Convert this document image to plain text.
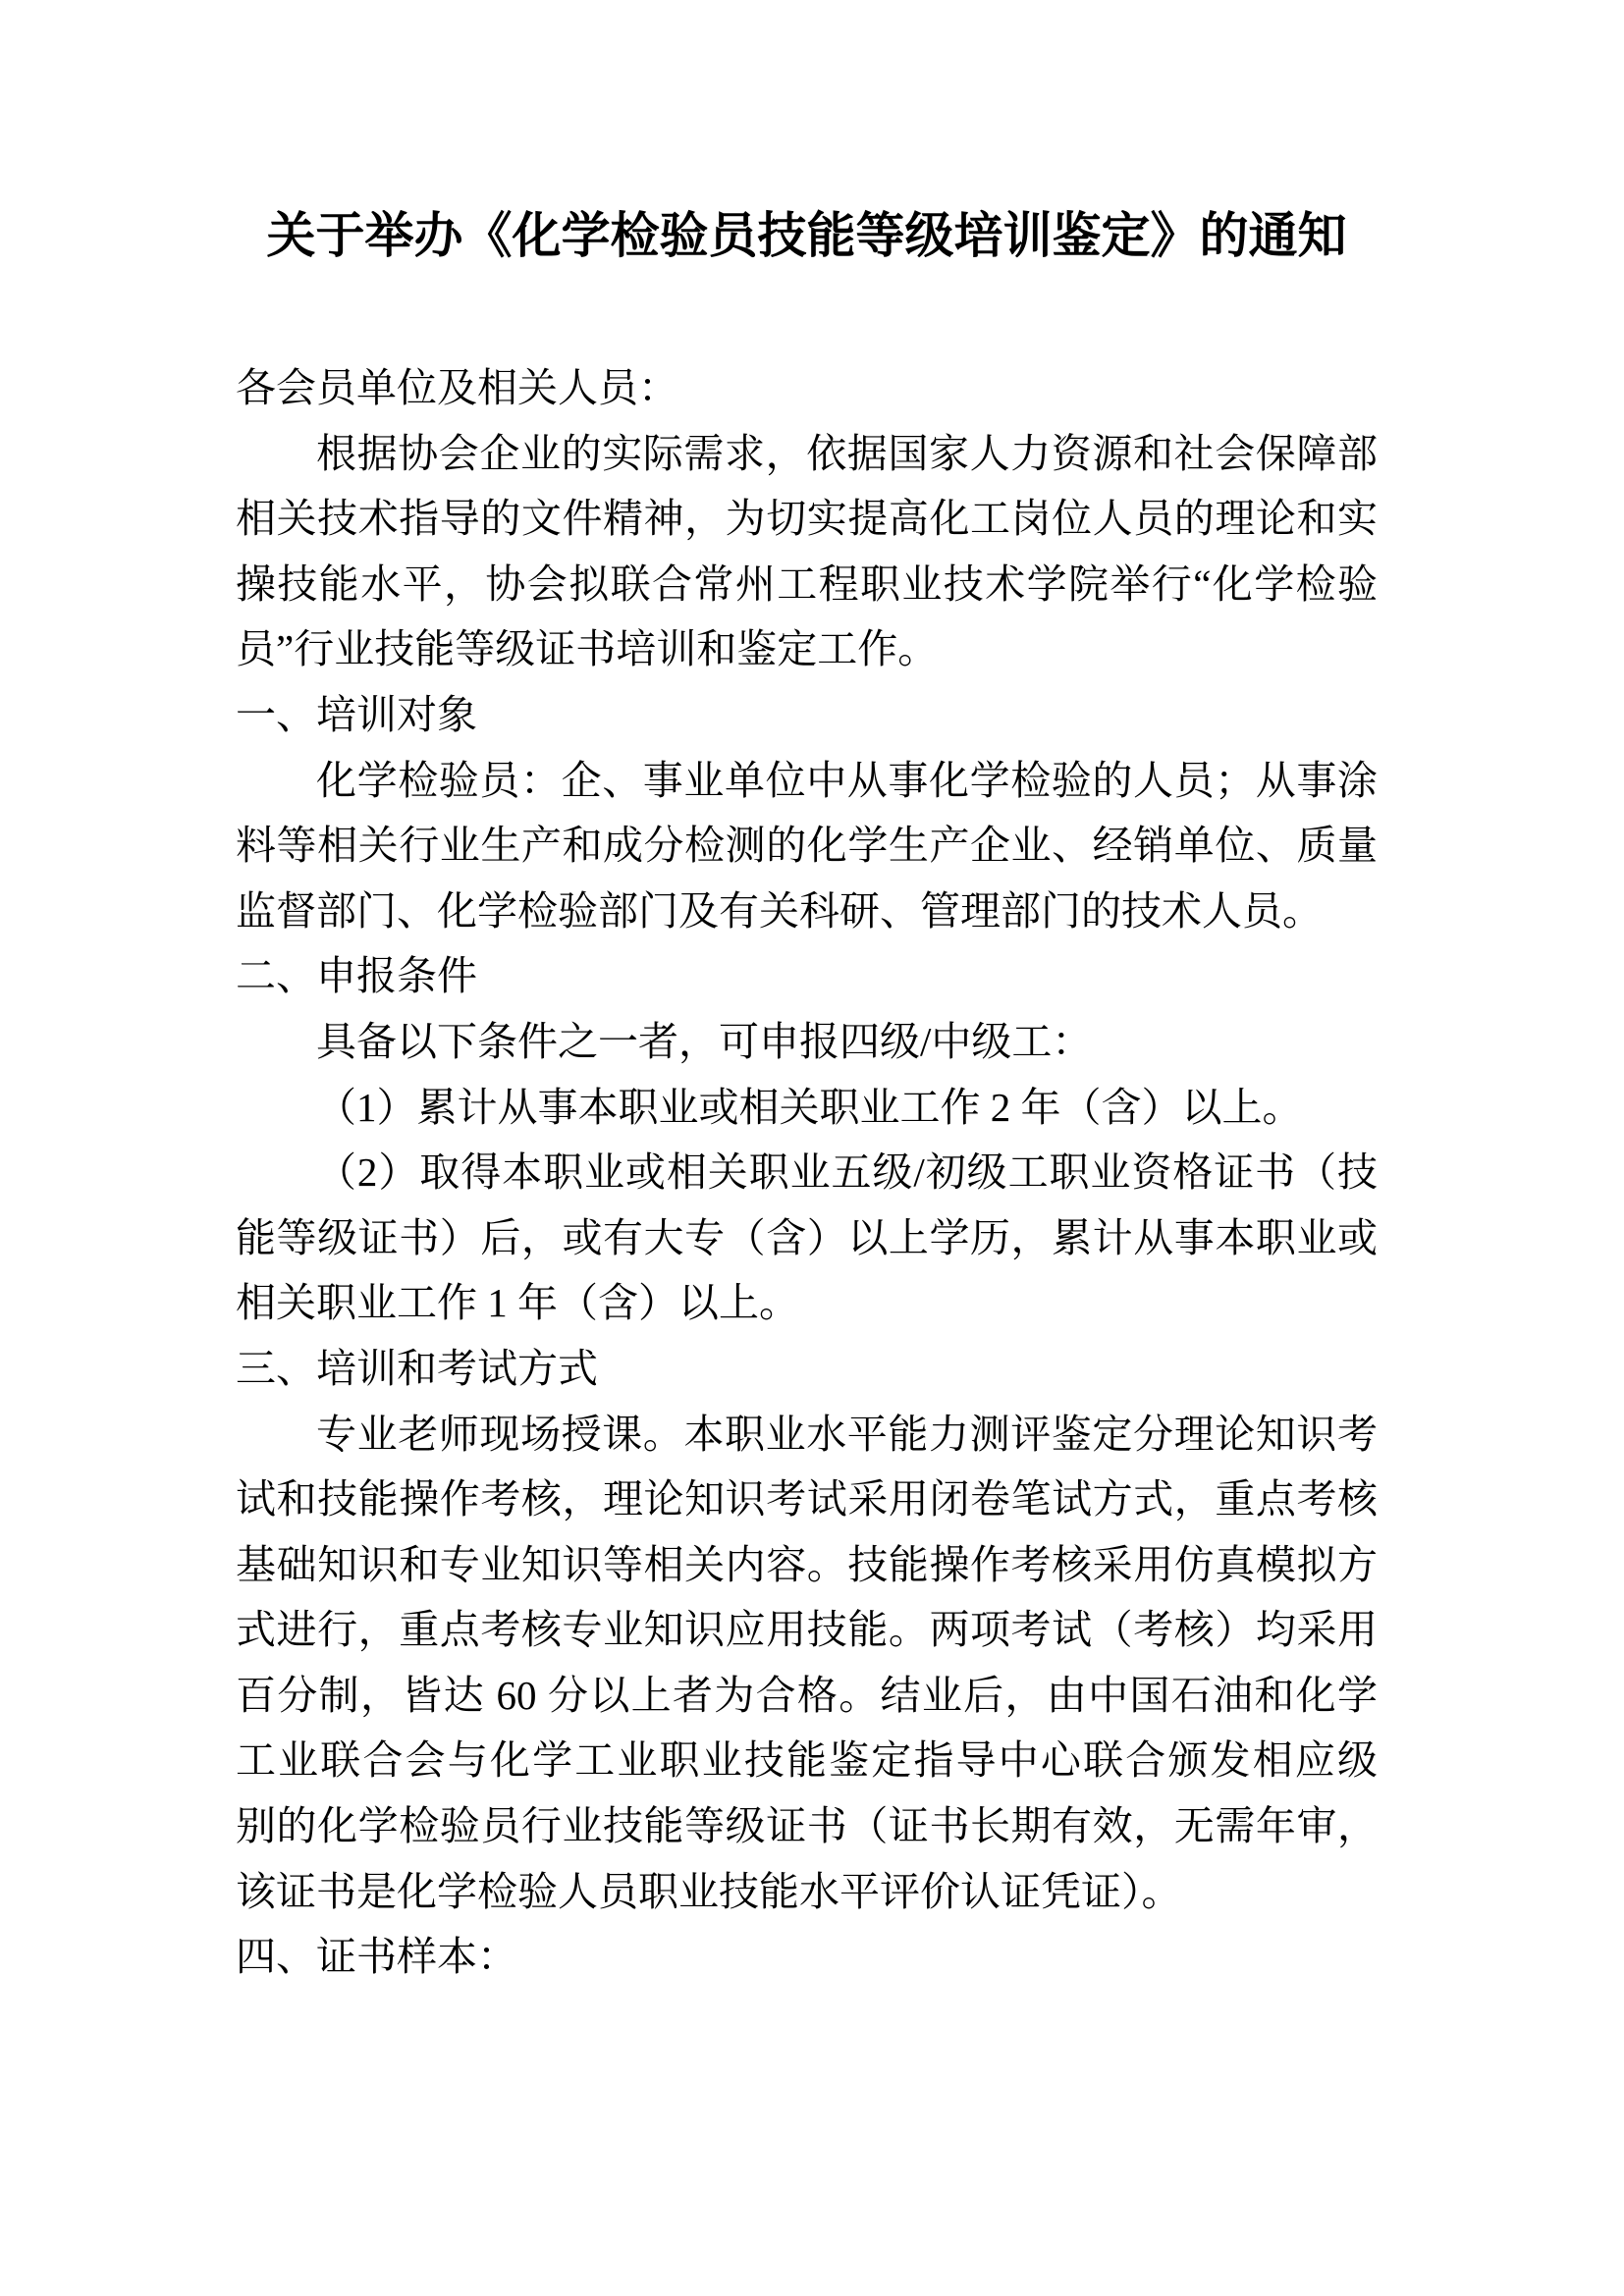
关于举办《化学检验员技能等级培训鉴定》的通知
各会员单位及相关人员：
根据协会企业的实际需求，依据国家人力资源和社会保障部
相关技术指导的文件精神，为切实提高化工岗位人员的理论和实
操技能水平，协会拟联合常州工程职业技术学院举行“化学检验
员”行业技能等级证书培训和鉴定工作。
一、培训对象
化学检验员：企、事业单位中从事化学检验的人员；从事涂
料等相关行业生产和成分检测的化学生产企业、经销单位、质量
监督部门、化学检验部门及有关科研、管理部门的技术人员。
二、申报条件
具备以下条件之一者，可申报四级/中级工：
（1）累计从事本职业或相关职业工作 2 年（含）以上。
（2）取得本职业或相关职业五级/初级工职业资格证书（技
能等级证书）后，或有大专（含）以上学历，累计从事本职业或
相关职业工作 1 年（含）以上。
三、培训和考试方式
专业老师现场授课。本职业水平能力测评鉴定分理论知识考
试和技能操作考核，理论知识考试采用闭卷笔试方式，重点考核
基础知识和专业知识等相关内容。技能操作考核采用仿真模拟方
式进行，重点考核专业知识应用技能。两项考试（考核）均采用
百分制，皆达 60 分以上者为合格。结业后，由中国石油和化学
工业联合会与化学工业职业技能鉴定指导中心联合颁发相应级
别的化学检验员行业技能等级证书（证书长期有效，无需年审，
该证书是化学检验人员职业技能水平评价认证凭证）。
四、证书样本：
